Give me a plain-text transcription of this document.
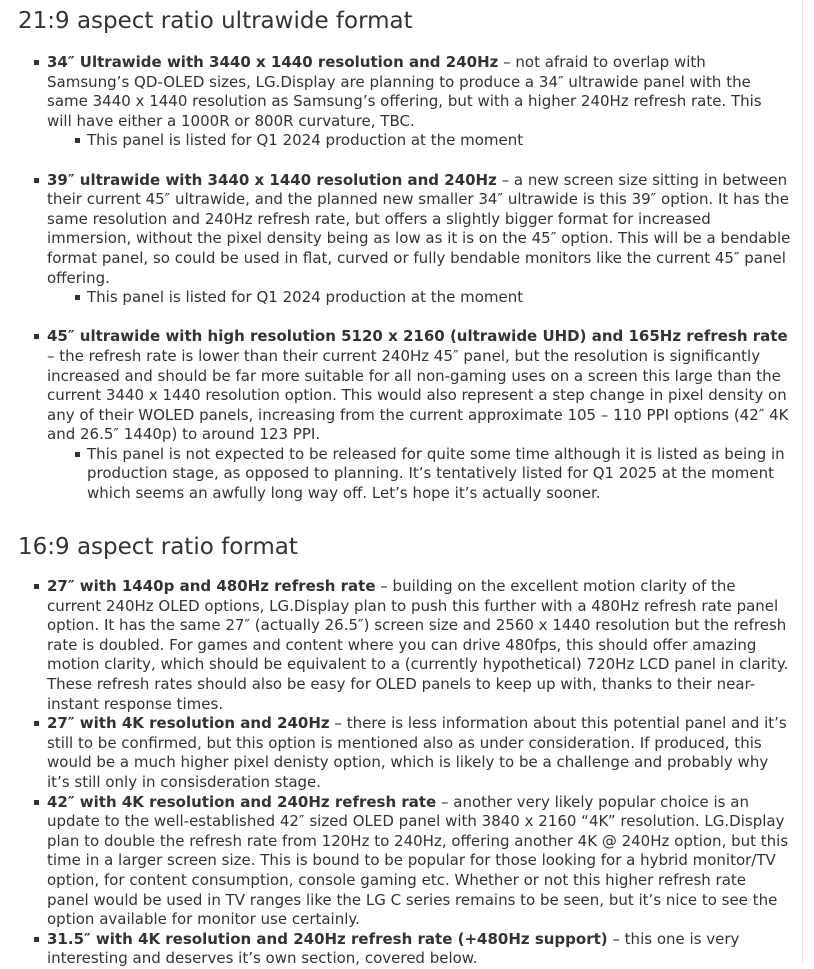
21:9 aspect ratio ultrawide format
34″ Ultrawide with 3440 x 1440 resolution and 240Hz – not afraid to overlap with Samsung’s QD-OLED sizes, LG.Display are planning to produce a 34″ ultrawide panel with the same 3440 x 1440 resolution as Samsung’s offering, but with a higher 240Hz refresh rate. This will have either a 1000R or 800R curvature, TBC.
This panel is listed for Q1 2024 production at the moment
39″ ultrawide with 3440 x 1440 resolution and 240Hz – a new screen size sitting in between their current 45″ ultrawide, and the planned new smaller 34″ ultrawide is this 39″ option. It has the same resolution and 240Hz refresh rate, but offers a slightly bigger format for increased immersion, without the pixel density being as low as it is on the 45″ option. This will be a bendable format panel, so could be used in flat, curved or fully bendable monitors like the current 45″ panel offering.
This panel is listed for Q1 2024 production at the moment
45″ ultrawide with high resolution 5120 x 2160 (ultrawide UHD) and 165Hz refresh rate – the refresh rate is lower than their current 240Hz 45″ panel, but the resolution is significantly increased and should be far more suitable for all non-gaming uses on a screen this large than the current 3440 x 1440 resolution option. This would also represent a step change in pixel density on any of their WOLED panels, increasing from the current approximate 105 – 110 PPI options (42″ 4K and 26.5″ 1440p) to around 123 PPI.
This panel is not expected to be released for quite some time although it is listed as being in production stage, as opposed to planning. It’s tentatively listed for Q1 2025 at the moment which seems an awfully long way off. Let’s hope it’s actually sooner.
16:9 aspect ratio format
27″ with 1440p and 480Hz refresh rate – building on the excellent motion clarity of the current 240Hz OLED options, LG.Display plan to push this further with a 480Hz refresh rate panel option. It has the same 27″ (actually 26.5″) screen size and 2560 x 1440 resolution but the refresh rate is doubled. For games and content where you can drive 480fps, this should offer amazing motion clarity, which should be equivalent to a (currently hypothetical) 720Hz LCD panel in clarity. These refresh rates should also be easy for OLED panels to keep up with, thanks to their near-instant response times.
27″ with 4K resolution and 240Hz – there is less information about this potential panel and it’s still to be confirmed, but this option is mentioned also as under consideration. If produced, this would be a much higher pixel denisty option, which is likely to be a challenge and probably why it’s still only in consisderation stage.
42″ with 4K resolution and 240Hz refresh rate – another very likely popular choice is an update to the well-established 42″ sized OLED panel with 3840 x 2160 “4K” resolution. LG.Display plan to double the refresh rate from 120Hz to 240Hz, offering another 4K @ 240Hz option, but this time in a larger screen size. This is bound to be popular for those looking for a hybrid monitor/TV option, for content consumption, console gaming etc. Whether or not this higher refresh rate panel would be used in TV ranges like the LG C series remains to be seen, but it’s nice to see the option available for monitor use certainly.
31.5″ with 4K resolution and 240Hz refresh rate (+480Hz support) – this one is very interesting and deserves it’s own section, covered below.
